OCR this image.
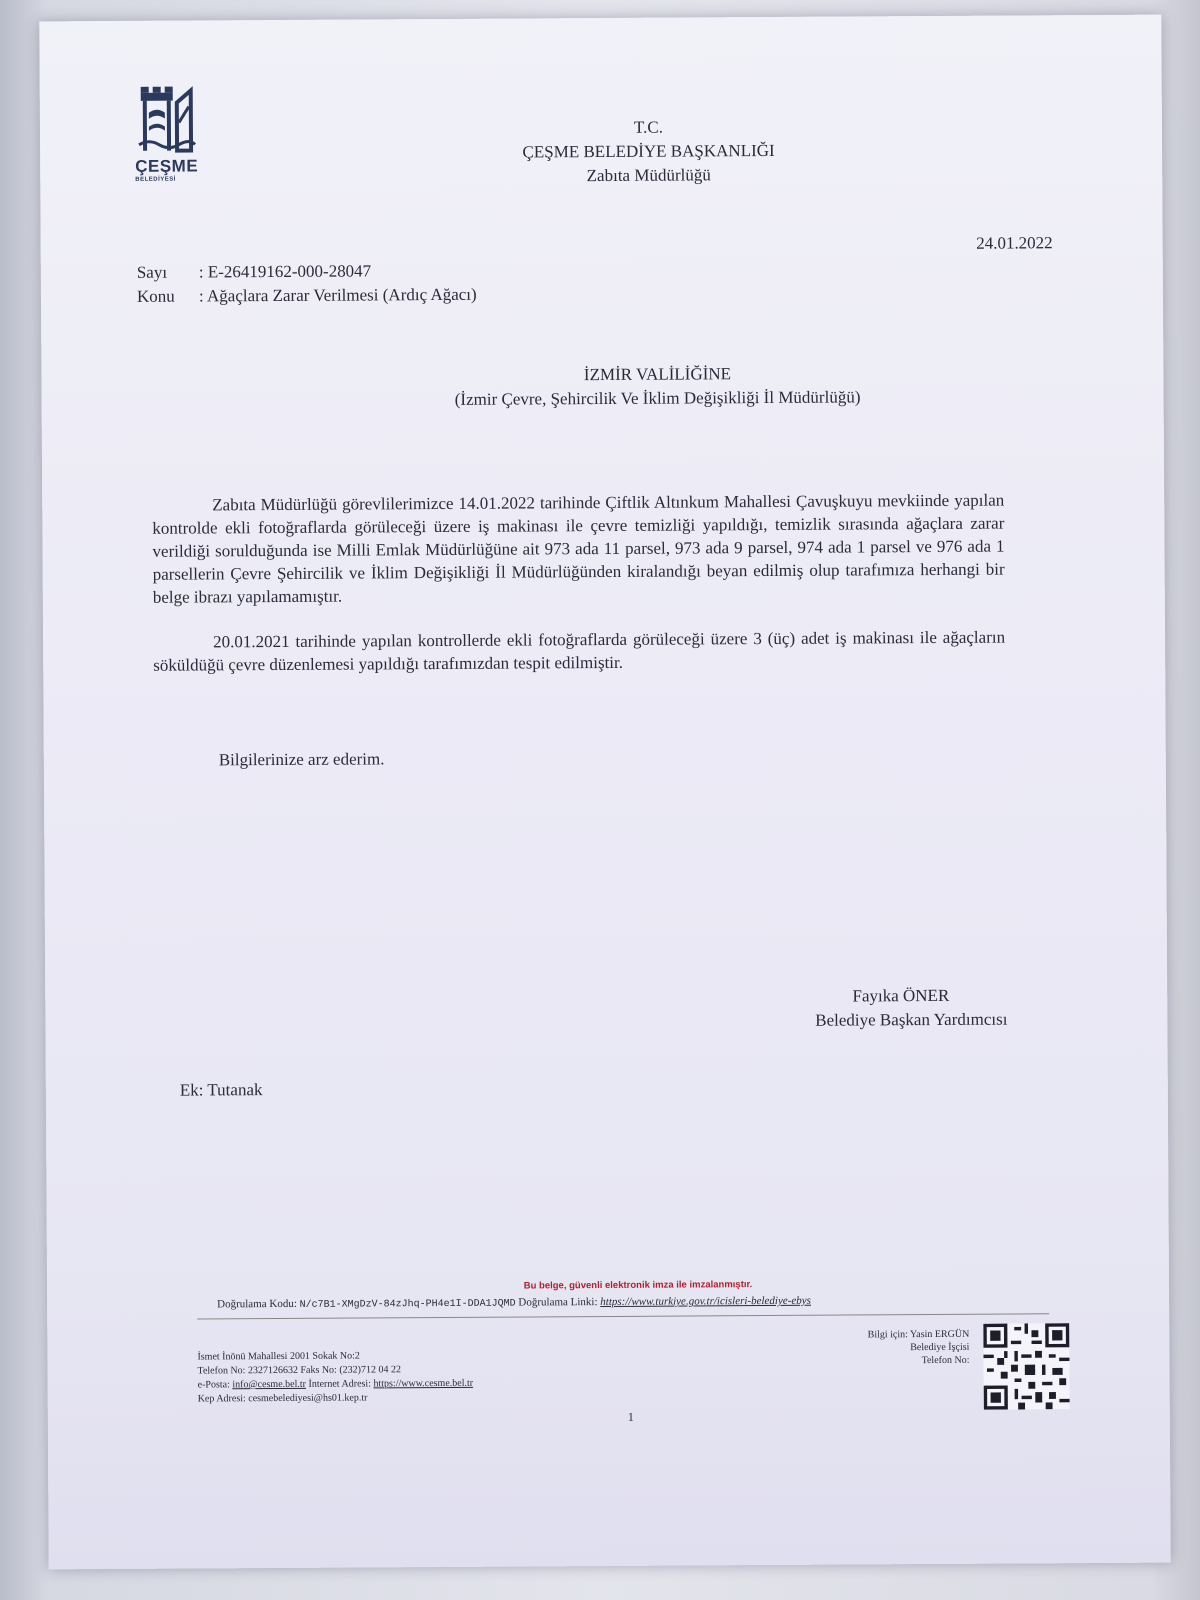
ÇEŞME
BELEDİYESİ
T.C.
ÇEŞME BELEDİYE BAŞKANLIĞI
Zabıta Müdürlüğü
24.01.2022
Sayı : E-26419162-000-28047
Konu : Ağaçlara Zarar Verilmesi (Ardıç Ağacı)
İZMİR VALİLİĞİNE
(İzmir Çevre, Şehircilik Ve İklim Değişikliği İl Müdürlüğü)

Zabıta Müdürlüğü görevlilerimizce 14.01.2022 tarihinde Çiftlik Altınkum Mahallesi Çavuşkuyu mevkiinde yapılan kontrolde ekli fotoğraflarda görüleceği üzere iş makinası ile çevre temizliği yapıldığı, temizlik sırasında ağaçlara zarar verildiği sorulduğunda ise Milli Emlak Müdürlüğüne ait 973 ada 11 parsel, 973 ada 9 parsel, 974 ada 1 parsel ve 976 ada 1 parsellerin Çevre Şehircilik ve İklim Değişikliği İl Müdürlüğünden kiralandığı beyan edilmiş olup tarafımıza herhangi bir belge ibrazı yapılamamıştır.

20.01.2021 tarihinde yapılan kontrollerde ekli fotoğraflarda görüleceği üzere 3 (üç) adet iş makinası ile ağaçların söküldüğü çevre düzenlemesi yapıldığı tarafımızdan tespit edilmiştir.

Bilgilerinize arz ederim.
Fayıka ÖNER
Belediye Başkan Yardımcısı
Ek: Tutanak
Bu belge, güvenli elektronik imza ile imzalanmıştır.
Doğrulama Kodu: N/c7B1-XMgDzV-84zJhq-PH4e1I-DDA1JQMD Doğrulama Linki: https://www.turkiye.gov.tr/icisleri-belediye-ebys
İsmet İnönü Mahallesi 2001 Sokak No:2
Telefon No: 2327126632 Faks No: (232)712 04 22
e-Posta: info@cesme.bel.tr İnternet Adresi: https://www.cesme.bel.tr
Kep Adresi: cesmebelediyesi@hs01.kep.tr
Bilgi için: Yasin ERGÜN
Belediye İşçisi
Telefon No:
1
